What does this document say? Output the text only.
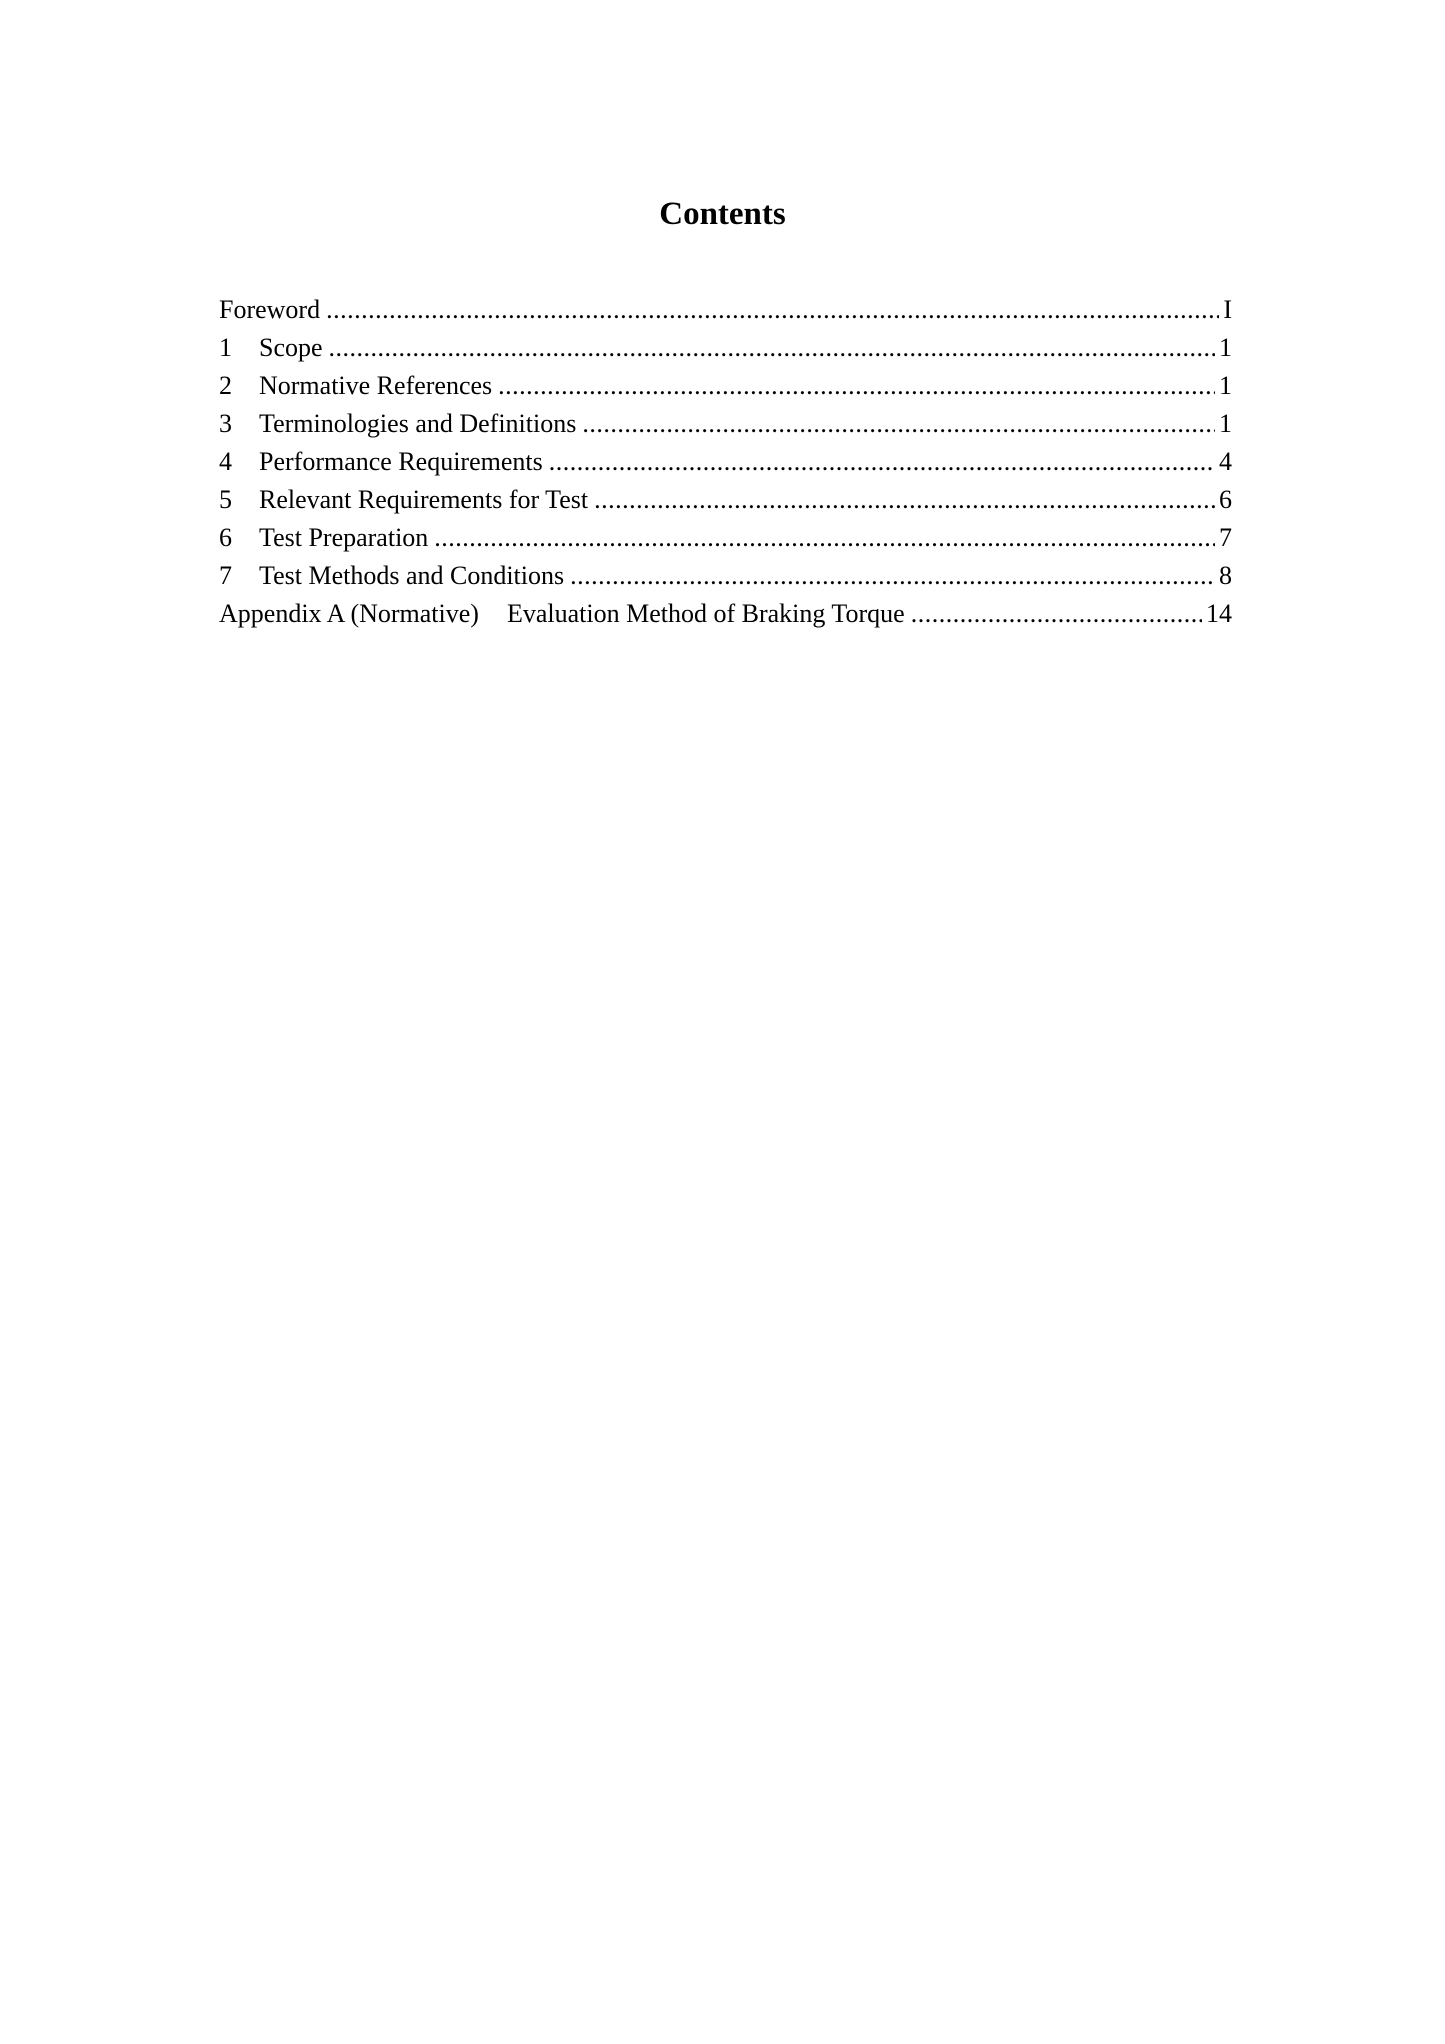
Contents
Foreword .....	I
1	Scope .....	1
2	Normative References .....	1
3	Terminologies and Definitions .....	1
4	Performance Requirements .....	4
5	Relevant Requirements for Test .....	6
6	Test Preparation .....	7
7	Test Methods and Conditions .....	8
Appendix A (Normative) Evaluation Method of Braking Torque .....	14
